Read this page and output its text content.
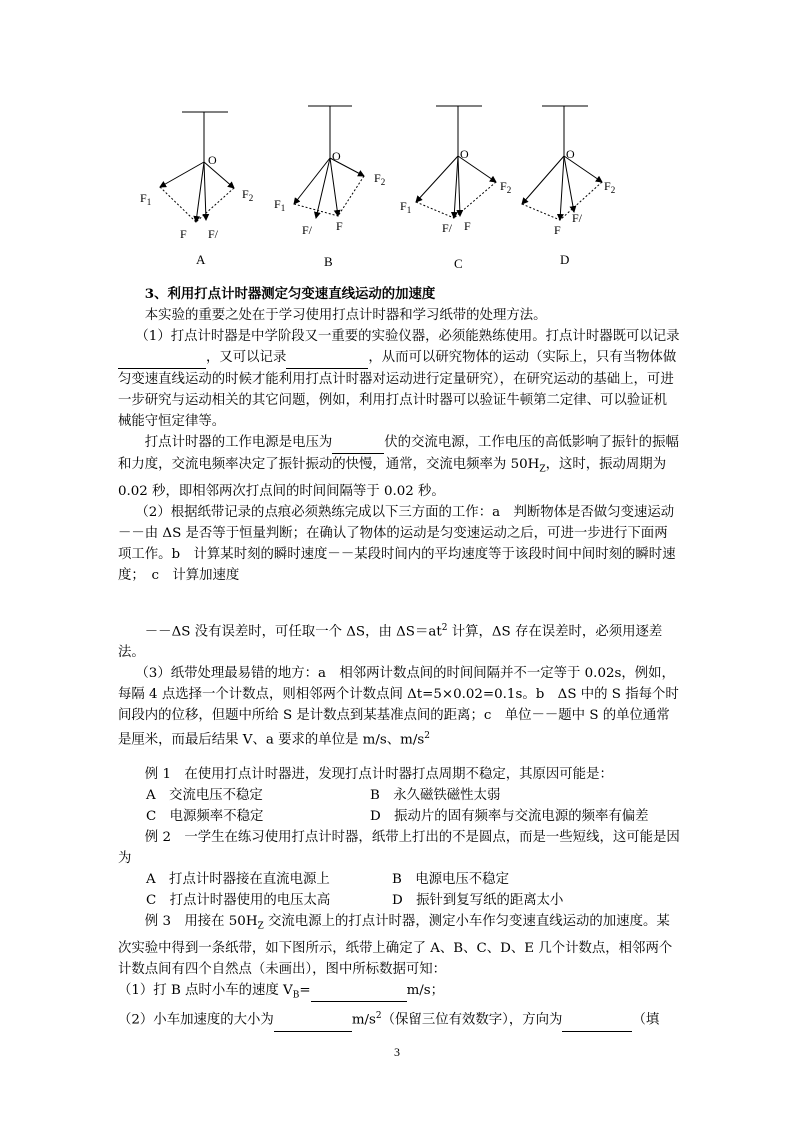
O
$F_1$
$F_2$
F F/
A
O
$F_1$
$F_2$
F/ F
B
O
$F_1$
$F_2$
F/ F
C
O
$F_2$
F/
F
D

3、利用打点计时器测定匀变速直线运动的加速度

本实验的重要之处在于学习使用打点计时器和学习纸带的处理方法。

（1）打点计时器是中学阶段又一重要的实验仪器，必须能熟练使用。打点计时器既可以记录，又可以记录	，从而可以研究物体的运动（实际上，只有当物体做匀变速直线运动的时候才能利用打点计时器对运动进行定量研究），在研究运动的基础上，可进一步研究与运动相关的其它问题，例如，利用打点计时器可以验证牛顿第二定律、可以验证机械能守恒定律等。

打点计时器的工作电源是电压为	伏的交流电源，工作电压的高低影响了振针的振幅和力度，交流电频率决定了振针振动的快慢，通常，交流电频率为 $50H_Z$，这时，振动周期为 0.02 秒，即相邻两次打点间的时间间隔等于 0.02 秒。

（2）根据纸带记录的点痕必须熟练完成以下三方面的工作：a　判断物体是否做匀变速运动－－由 ΔS 是否等于恒量判断；在确认了物体的运动是匀变速运动之后，可进一步进行下面两项工作。b　计算某时刻的瞬时速度－－某段时间内的平均速度等于该段时间中间时刻的瞬时速度；　c　计算加速度

－－ΔS 没有误差时，可任取一个 ΔS，由 $\Delta S=at^2$ 计算，ΔS 存在误差时，必须用逐差法。

（3）纸带处理最易错的地方：a　相邻两计数点间的时间间隔并不一定等于 0.02s，例如，每隔 4 点选择一个计数点，则相邻两个计数点间 Δt=5×0.02=0.1s。b　ΔS 中的 S 指每个时间段内的位移，但题中所给 S 是计数点到某基准点间的距离；c　单位－－题中 S 的单位通常是厘米，而最后结果 V、a 要求的单位是 m/s、$m/s^2$

例 1　在使用打点计时器进，发现打点计时器打点周期不稳定，其原因可能是：

A　交流电压不稳定	B　永久磁铁磁性太弱
C　电源频率不稳定	D　振动片的固有频率与交流电源的频率有偏差

例 2　一学生在练习使用打点计时器，纸带上打出的不是圆点，而是一些短线，这可能是因为

A　打点计时器接在直流电源上	B　电源电压不稳定
C　打点计时器使用的电压太高	D　振针到复写纸的距离太小

例 3　用接在 $50H_Z$ 交流电源上的打点计时器，测定小车作匀变速直线运动的加速度。某次实验中得到一条纸带，如下图所示，纸带上确定了 A、B、C、D、E 几个计数点，相邻两个计数点间有四个自然点（未画出），图中所标数据可知：

（1）打 B 点时小车的速度 $V_B=$	m/s；

（2）小车加速度的大小为	$m/s^2$（保留三位有效数字），方向为	（填

3
